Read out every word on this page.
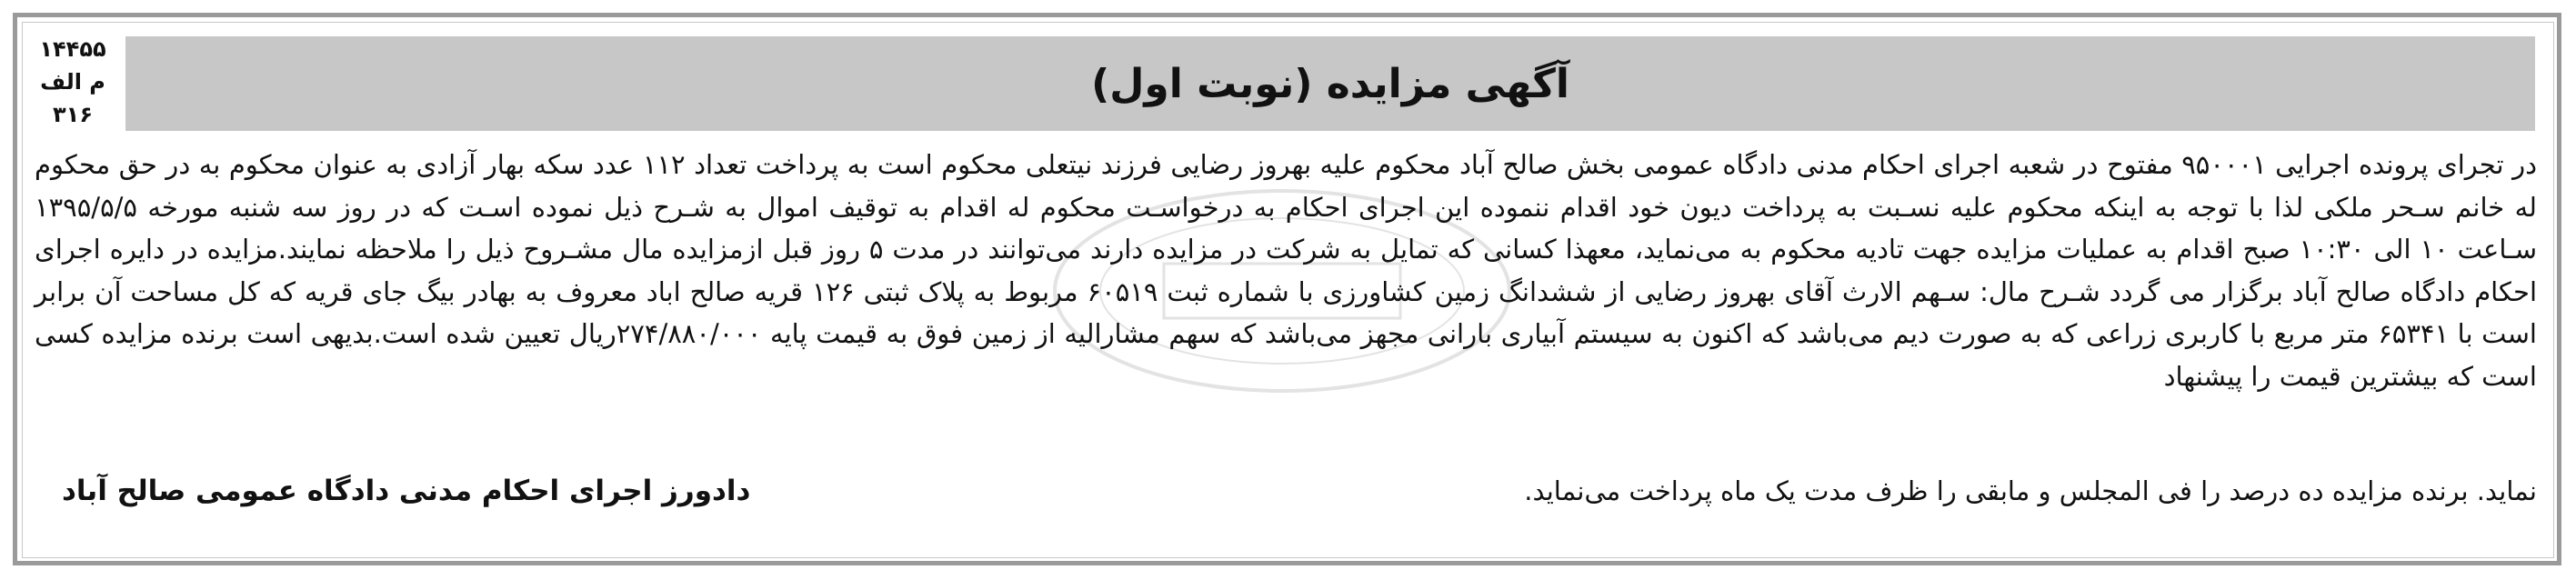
۱۴۴۵۵
م الف
۳۱۶
آگهی مزایده (نوبت اول)

در تجرای پرونده اجرایی ۹۵۰۰۰۱ مفتوح در شعبه اجرای احکام مدنی دادگاه عمومی بخش صالح آباد محکوم علیه بهروز رضایی فرزند نیتعلی محکوم است به پرداخت تعداد ۱۱۲ عدد سکه بهار آزادی به عنوان محکوم به در حق محکوم له خانم سـحر ملکی لذا با توجه به اینکه محکوم علیه نسـبت به پرداخت دیون خود اقدام ننموده این اجرای احکام به درخواسـت محکوم له اقدام به توقیف اموال به شـرح ذیل نموده اسـت که در روز سه شنبه مورخه ۱۳۹۵/۵/۵ سـاعت ۱۰ الی ۱۰:۳۰ صبح اقدام به عملیات مزایده جهت تادیه محکوم به می‌نماید، معهذا کسانی که تمایل به شرکت در مزایده دارند می‌توانند در مدت ۵ روز قبل ازمزایده مال مشـروح ذیل را ملاحظه نمایند.مزایده در دایره اجرای احکام دادگاه صالح آباد برگزار می گردد شـرح مال: سـهم الارث آقای بهروز رضایی از ششدانگ زمین کشاورزی با شماره ثبت ۶۰۵۱۹ مربوط به پلاک ثبتی ۱۲۶ قریه صالح اباد معروف به بهادر بیگ جای قریه که کل مساحت آن برابر است با ۶۵۳۴۱ متر مربع با کاربری زراعی که به صورت دیم می‌باشد که اکنون به سیستم آبیاری بارانی مجهز می‌باشد که سهم مشارالیه از زمین فوق به قیمت پایه ۲۷۴/۸۸۰/۰۰۰ریال تعیین شده است.بدیهی است برنده مزایده کسی است که بیشترین قیمت را پیشنهاد

نماید. برنده مزایده ده درصد را فی المجلس و مابقی را ظرف مدت یک ماه پرداخت می‌نماید.
دادورز اجرای احکام مدنی دادگاه عمومی صالح آباد
